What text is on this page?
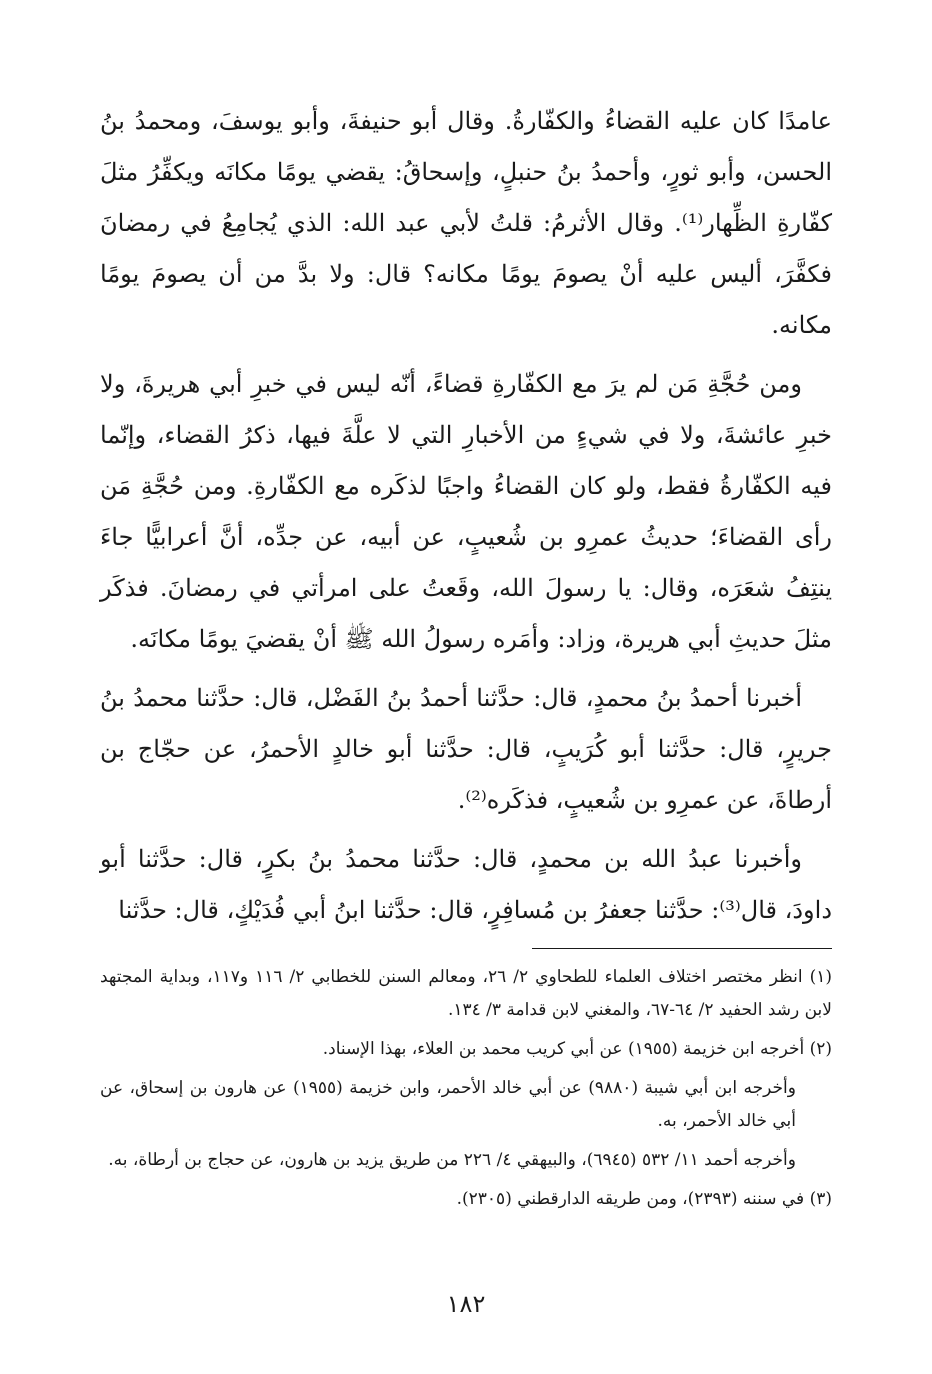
عامدًا كان عليه القضاءُ والكفّارةُ. وقال أبو حنيفةَ، وأبو يوسفَ، ومحمدُ بنُ الحسن، وأبو ثورٍ، وأحمدُ بنُ حنبلٍ، وإسحاقُ: يقضي يومًا مكانَه ويكفِّرُ مثلَ كفّارةِ الظِّهار⁽¹⁾. وقال الأثرمُ: قلتُ لأبي عبد الله: الذي يُجامِعُ في رمضانَ فكفَّرَ، أليس عليه أنْ يصومَ يومًا مكانه؟ قال: ولا بدَّ من أن يصومَ يومًا مكانه.

ومن حُجَّةِ مَن لم يرَ مع الكفّارةِ قضاءً، أنّه ليس في خبرِ أبي هريرةَ، ولا خبرِ عائشةَ، ولا في شيءٍ من الأخبارِ التي لا علَّةَ فيها، ذكرُ القضاء، وإنّما فيه الكفّارةُ فقط، ولو كان القضاءُ واجبًا لذكَره مع الكفّارةِ. ومن حُجَّةِ مَن رأى القضاءَ؛ حديثُ عمرِو بن شُعيبٍ، عن أبيه، عن جدِّه، أنَّ أعرابيًّا جاءَ ينتِفُ شعَرَه، وقال: يا رسولَ الله، وقَعتُ على امرأتي في رمضانَ. فذكَر مثلَ حديثِ أبي هريرة، وزاد: وأمَره رسولُ الله ﷺ أنْ يقضيَ يومًا مكانَه.

أخبرنا أحمدُ بنُ محمدٍ، قال: حدَّثنا أحمدُ بنُ الفَضْل، قال: حدَّثنا محمدُ بنُ جريرٍ، قال: حدَّثنا أبو كُرَيبٍ، قال: حدَّثنا أبو خالدٍ الأحمرُ، عن حجّاج بن أرطاةَ، عن عمرِو بن شُعيبٍ، فذكَره⁽²⁾.

وأخبرنا عبدُ الله بن محمدٍ، قال: حدَّثنا محمدُ بنُ بكرٍ، قال: حدَّثنا أبو داودَ، قال⁽³⁾: حدَّثنا جعفرُ بن مُسافِرٍ، قال: حدَّثنا ابنُ أبي فُدَيْكٍ، قال: حدَّثنا

(١) انظر مختصر اختلاف العلماء للطحاوي ٢/ ٢٦، ومعالم السنن للخطابي ٢/ ١١٦ و١١٧، وبداية المجتهد لابن رشد الحفيد ٢/ ٦٤-٦٧، والمغني لابن قدامة ٣/ ١٣٤.

(٢) أخرجه ابن خزيمة (١٩٥٥) عن أبي كريب محمد بن العلاء، بهذا الإسناد.

وأخرجه ابن أبي شيبة (٩٨٨٠) عن أبي خالد الأحمر، وابن خزيمة (١٩٥٥) عن هارون بن إسحاق، عن أبي خالد الأحمر، به.

وأخرجه أحمد ١١/ ٥٣٢ (٦٩٤٥)، والبيهقي ٤/ ٢٢٦ من طريق يزيد بن هارون، عن حجاج بن أرطاة، به.

(٣) في سننه (٢٣٩٣)، ومن طريقه الدارقطني (٢٣٠٥).

١٨٢
